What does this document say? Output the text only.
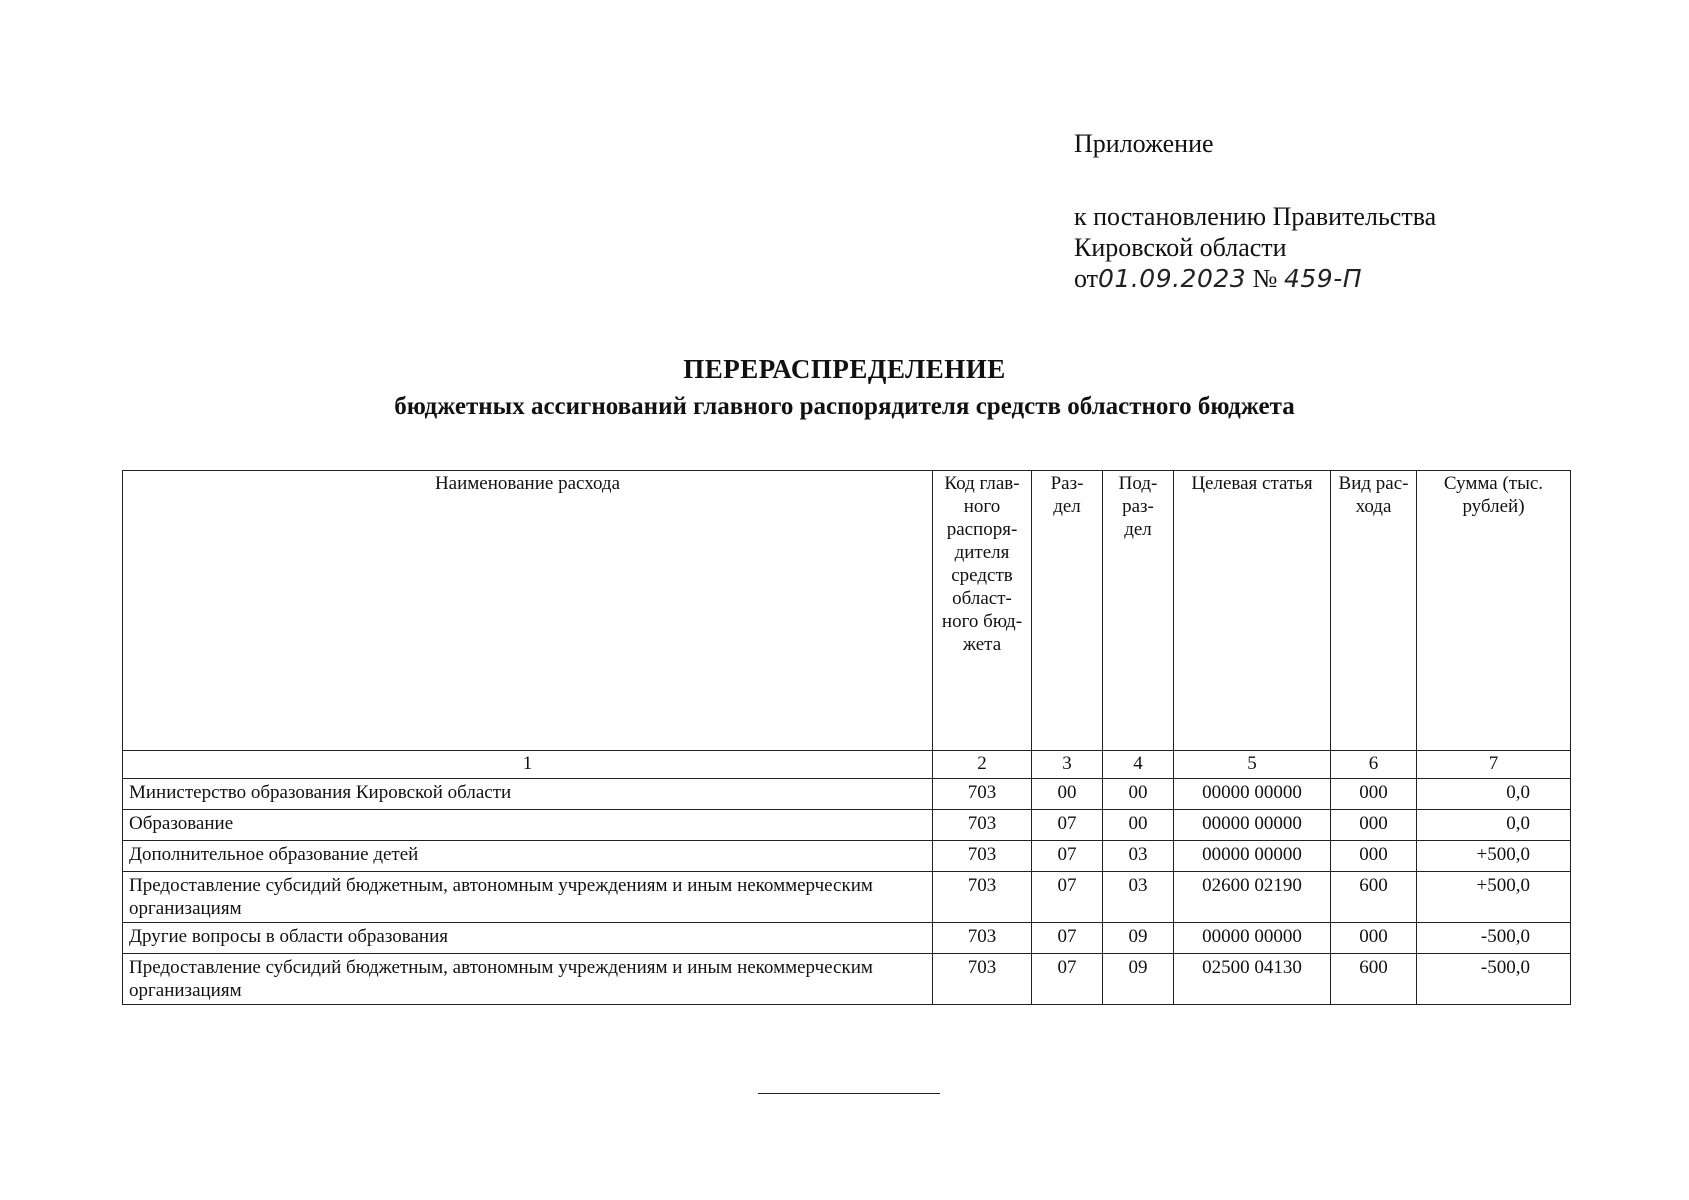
Приложение
к постановлению Правительства
Кировской области
от01.09.2023 № 459-П
ПЕРЕРАСПРЕДЕЛЕНИЕ
бюджетных ассигнований главного распорядителя средств областного бюджета
Наименование расхода	Код глав-ного распоря-дителя средств област-ного бюд-жета	Раз-дел	Под-раз-дел	Целевая статья	Вид рас-хода	Сумма (тыс. рублей)
1	2	3	4	5	6	7
Министерство образования Кировской области	703	00	00	00000 00000	000	0,0
Образование	703	07	00	00000 00000	000	0,0
Дополнительное образование детей	703	07	03	00000 00000	000	+500,0
Предоставление субсидий бюджетным, автономным учреждениям и иным некоммерческим организациям	703	07	03	02600 02190	600	+500,0
Другие вопросы в области образования	703	07	09	00000 00000	000	-500,0
Предоставление субсидий бюджетным, автономным учреждениям и иным некоммерческим организациям	703	07	09	02500 04130	600	-500,0
